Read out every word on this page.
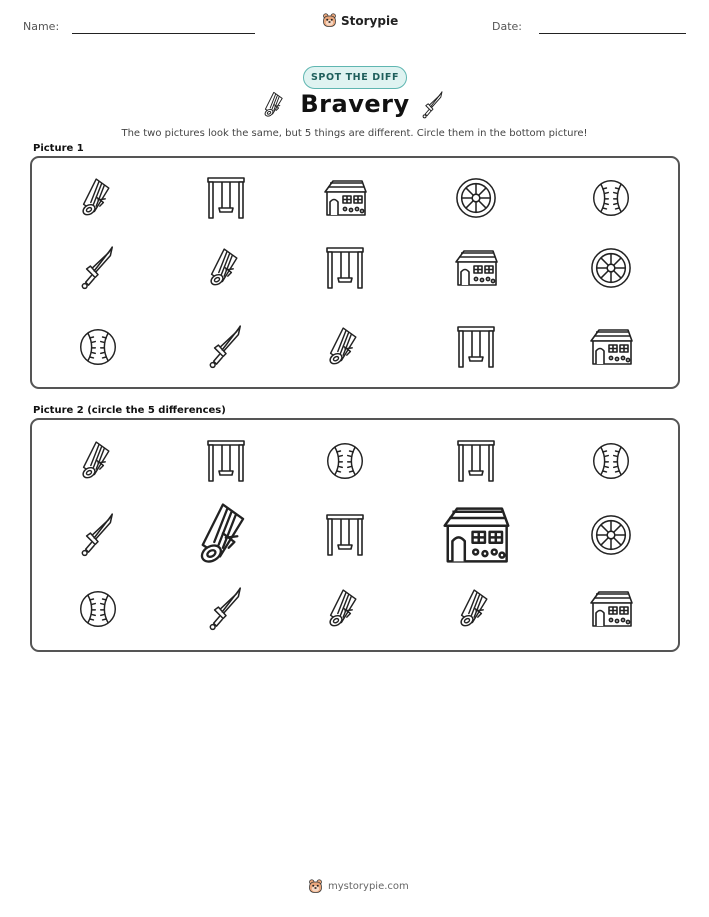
Name:	Storypie	Date:
SPOT THE DIFF
Bravery
The two pictures look the same, but 5 things are different. Circle them in the bottom picture!
Picture 1
Picture 2 (circle the 5 differences)
mystorypie.com
